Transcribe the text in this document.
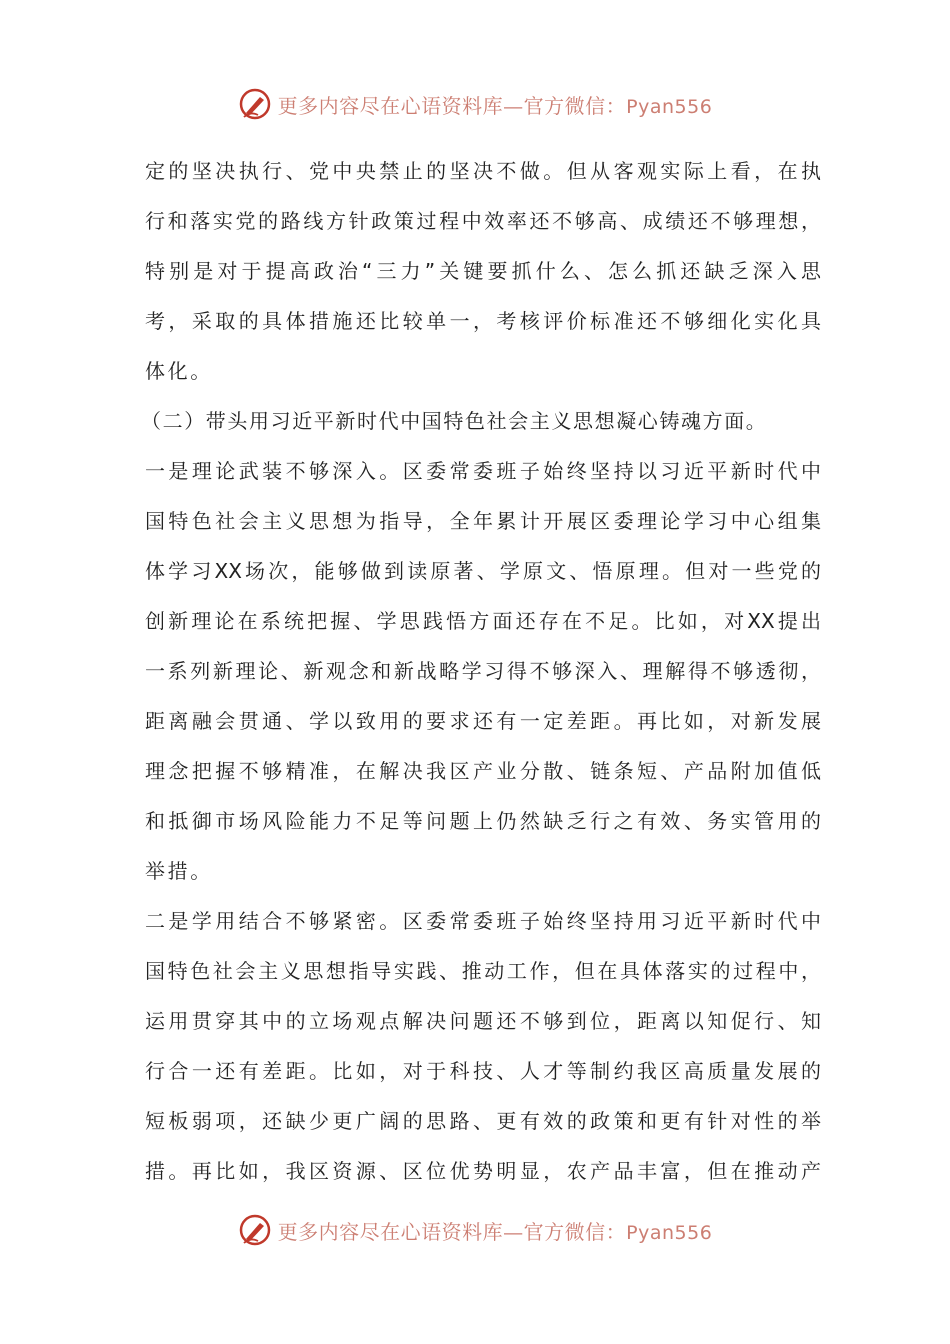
更多内容尽在心语资料库—官方微信：Pyan556
定的坚决执行、党中央禁止的坚决不做。但从客观实际上看，在执
行和落实党的路线方针政策过程中效率还不够高、成绩还不够理想，
特别是对于提高政治“三力”关键要抓什么、怎么抓还缺乏深入思
考，采取的具体措施还比较单一，考核评价标准还不够细化实化具
体化。
（二）带头用习近平新时代中国特色社会主义思想凝心铸魂方面。
一是理论武装不够深入。区委常委班子始终坚持以习近平新时代中
国特色社会主义思想为指导，全年累计开展区委理论学习中心组集
体学习XX场次，能够做到读原著、学原文、悟原理。但对一些党的
创新理论在系统把握、学思践悟方面还存在不足。比如，对XX提出
一系列新理论、新观念和新战略学习得不够深入、理解得不够透彻，
距离融会贯通、学以致用的要求还有一定差距。再比如，对新发展
理念把握不够精准，在解决我区产业分散、链条短、产品附加值低
和抵御市场风险能力不足等问题上仍然缺乏行之有效、务实管用的
举措。
二是学用结合不够紧密。区委常委班子始终坚持用习近平新时代中
国特色社会主义思想指导实践、推动工作，但在具体落实的过程中，
运用贯穿其中的立场观点解决问题还不够到位，距离以知促行、知
行合一还有差距。比如，对于科技、人才等制约我区高质量发展的
短板弱项，还缺少更广阔的思路、更有效的政策和更有针对性的举
措。再比如，我区资源、区位优势明显，农产品丰富，但在推动产
更多内容尽在心语资料库—官方微信：Pyan556
